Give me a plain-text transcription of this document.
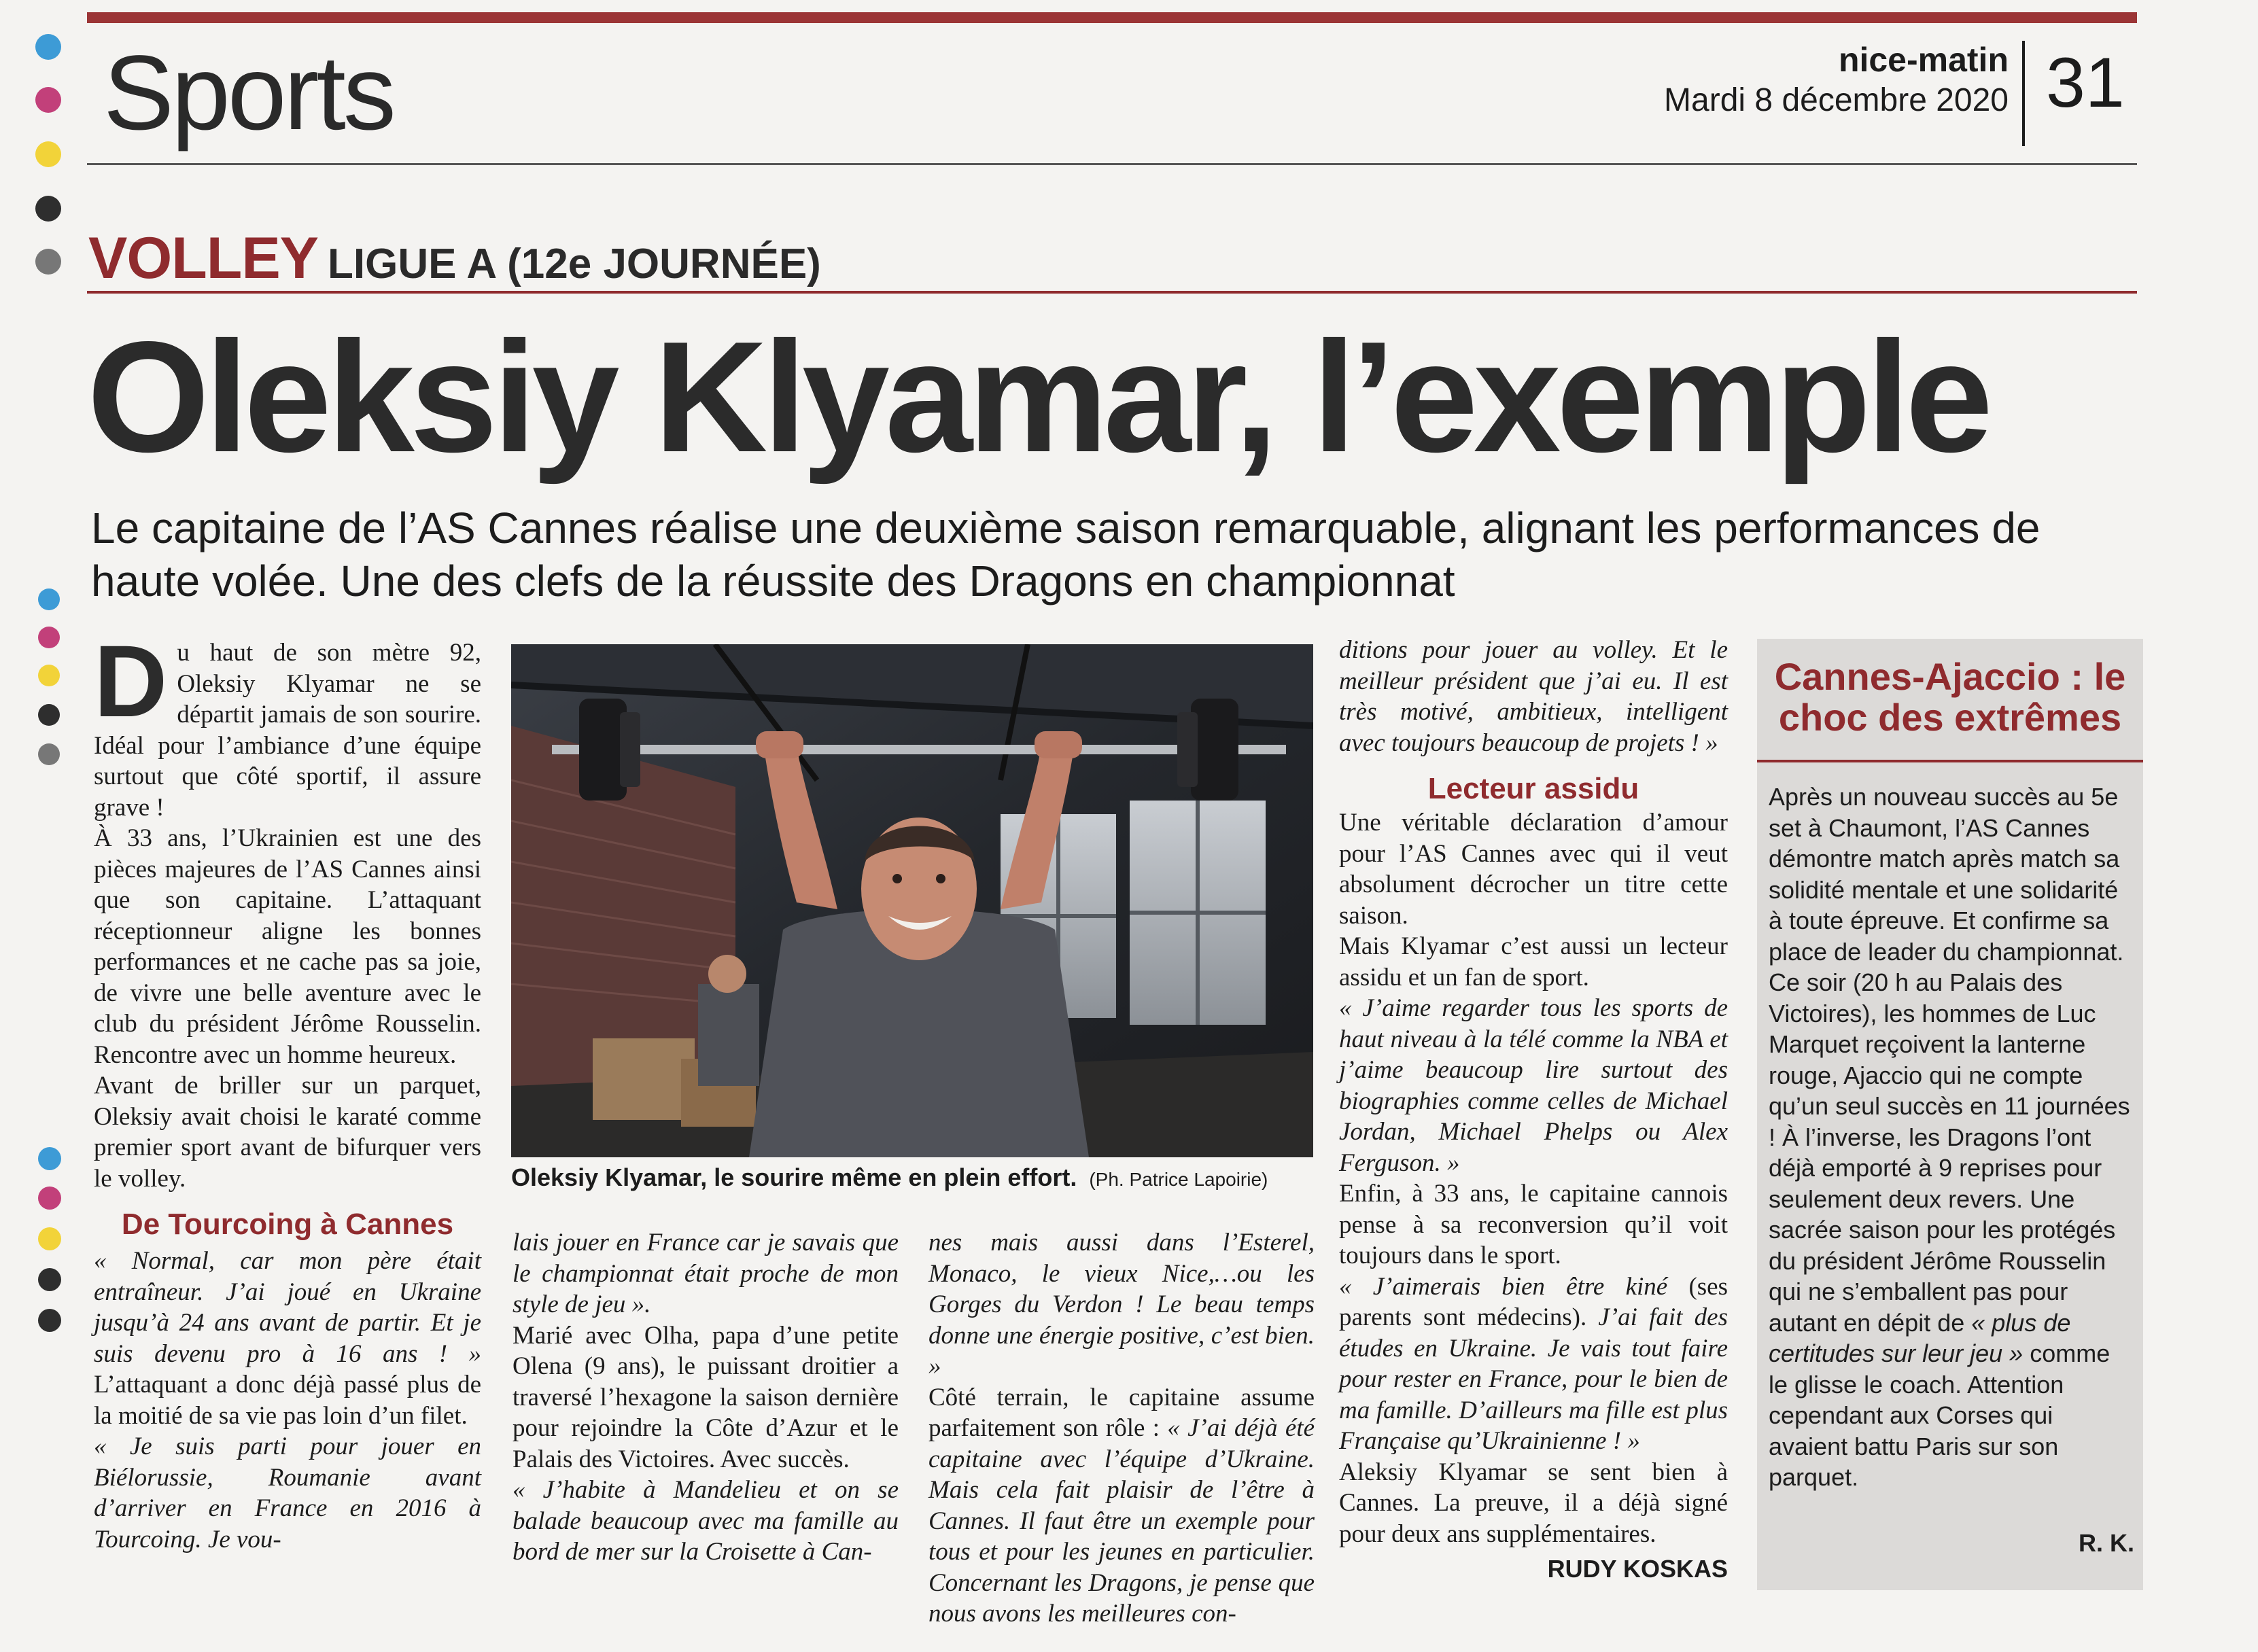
Sports	nice-matin
Mardi 8 décembre 2020 31
VOLLEY LIGUE A (12e JOURNÉE)
Oleksiy Klyamar, l’exemple
Le capitaine de l’AS Cannes réalise une deuxième saison remarquable, alignant les performances de haute volée. Une des clefs de la réussite des Dragons en championnat
D u haut de son mètre 92, Oleksiy Klyamar ne se départit jamais de son sourire. Idéal pour l’ambiance d’une équipe surtout que côté sportif, il assure grave !

À 33 ans, l’Ukrainien est une des pièces majeures de l’AS Cannes ainsi que son capitaine. L’attaquant réceptionneur aligne les bonnes performances et ne cache pas sa joie, de vivre une belle aventure avec le club du président Jérôme Rousselin. Rencontre avec un homme heureux.

Avant de briller sur un parquet, Oleksiy avait choisi le karaté comme premier sport avant de bifurquer vers le volley.

De Tourcoing à Cannes

« Normal, car mon père était entraîneur. J’ai joué en Ukraine jusqu’à 24 ans avant de partir. Et je suis devenu pro à 16 ans ! » L’attaquant a donc déjà passé plus de la moitié de sa vie pas loin d’un filet.

« Je suis parti pour jouer en Biélorussie, Roumanie avant d’arriver en France en 2016 à Tourcoing. Je vou-

Oleksiy Klyamar, le sourire même en plein effort. (Ph. Patrice Lapoirie)

lais jouer en France car je savais que le championnat était proche de mon style de jeu ».

Marié avec Olha, papa d’une petite Olena (9 ans), le puissant droitier a traversé l’hexagone la saison dernière pour rejoindre la Côte d’Azur et le Palais des Victoires. Avec succès.

« J’habite à Mandelieu et on se balade beaucoup avec ma famille au bord de mer sur la Croisette à Can-

nes mais aussi dans l’Esterel, Monaco, le vieux Nice,…ou les Gorges du Verdon ! Le beau temps donne une énergie positive, c’est bien. »

Côté terrain, le capitaine assume parfaitement son rôle : « J’ai déjà été capitaine avec l’équipe d’Ukraine. Mais cela fait plaisir de l’être à Cannes. Il faut être un exemple pour tous et pour les jeunes en particulier. Concernant les Dragons, je pense que nous avons les meilleures con-

ditions pour jouer au volley. Et le meilleur président que j’ai eu. Il est très motivé, ambitieux, intelligent avec toujours beaucoup de projets ! »

Lecteur assidu

Une véritable déclaration d’amour pour l’AS Cannes avec qui il veut absolument décrocher un titre cette saison.

Mais Klyamar c’est aussi un lecteur assidu et un fan de sport.

« J’aime regarder tous les sports de haut niveau à la télé comme la NBA et j’aime beaucoup lire surtout des biographies comme celles de Michael Jordan, Michael Phelps ou Alex Ferguson. »

Enfin, à 33 ans, le capitaine cannois pense à sa reconversion qu’il voit toujours dans le sport.

« J’aimerais bien être kiné (ses parents sont médecins). J’ai fait des études en Ukraine. Je vais tout faire pour rester en France, pour le bien de ma famille. D’ailleurs ma fille est plus Française qu’Ukrainienne ! »

Aleksiy Klyamar se sent bien à Cannes. La preuve, il a déjà signé pour deux ans supplémentaires.

RUDY KOSKAS
Cannes-Ajaccio : le choc des extrêmes
Après un nouveau succès au 5e set à Chaumont, l’AS Cannes démontre match après match sa solidité mentale et une solidarité à toute épreuve. Et confirme sa place de leader du championnat. Ce soir (20 h au Palais des Victoires), les hommes de Luc Marquet reçoivent la lanterne rouge, Ajaccio qui ne compte qu’un seul succès en 11 journées ! À l’inverse, les Dragons l’ont déjà emporté à 9 reprises pour seulement deux revers. Une sacrée saison pour les protégés du président Jérôme Rousselin qui ne s’emballent pas pour autant en dépit de « plus de certitudes sur leur jeu » comme le glisse le coach. Attention cependant aux Corses qui avaient battu Paris sur son parquet.
R. K.
